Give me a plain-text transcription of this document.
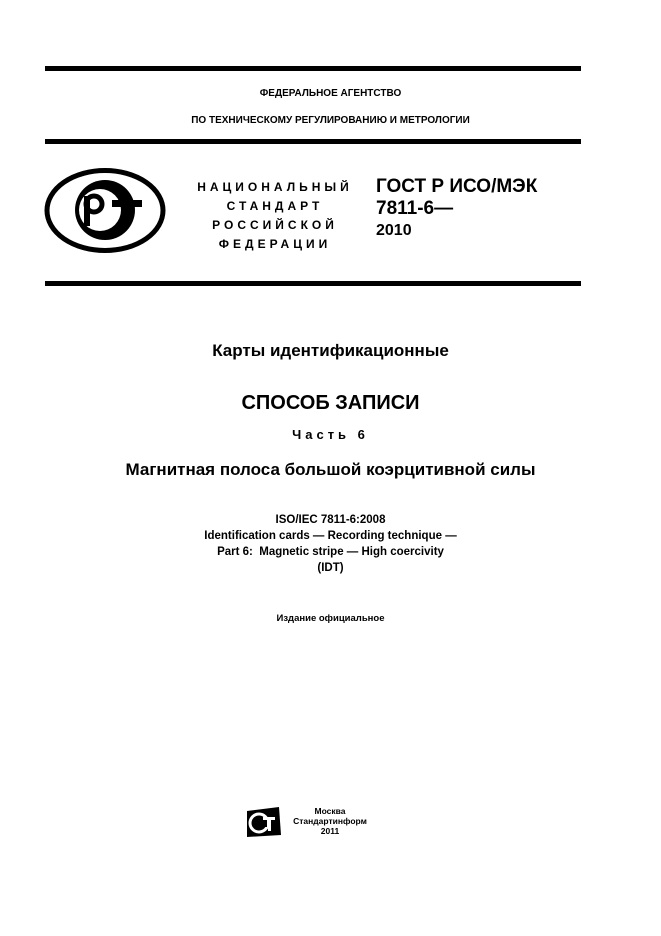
ФЕДЕРАЛЬНОЕ АГЕНТСТВО
ПО ТЕХНИЧЕСКОМУ РЕГУЛИРОВАНИЮ И МЕТРОЛОГИИ
НАЦИОНАЛЬНЫЙ
СТАНДАРТ
РОССИЙСКОЙ
ФЕДЕРАЦИИ
ГОСТ Р ИСО/МЭК
7811-6—
2010
Карты идентификационные
СПОСОБ ЗАПИСИ
Часть 6
Магнитная полоса большой коэрцитивной силы
ISO/IEC 7811-6:2008
Identification cards — Recording technique —
Part 6:  Magnetic stripe — High coercivity
(IDT)
Издание официальное
Москва
Стандартинформ
2011
